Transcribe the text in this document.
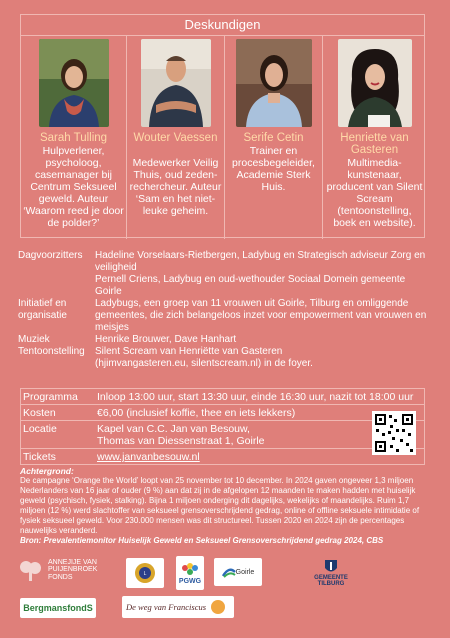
Deskundigen
Sarah Tulling
Hulpverlener, psycholoog, casemanager bij Centrum Seksueel geweld. Auteur ‘Waarom reed je door de polder?’
Wouter Vaessen
Medewerker Veilig Thuis, oud zeden-rechercheur. Auteur ‘Sam en het niet-leuke geheim.
Serife Cetin
Trainer en procesbegeleider, Academie Sterk Huis.
Henriette van Gasteren
Multimedia-kunstenaar, producent van Silent Scream (tentoonstelling, boek en website).
Dagvoorzitters	Hadeline Vorselaars-Rietbergen, Ladybug en Strategisch adviseur Zorg en veiligheid
Pernell Criens, Ladybug en oud-wethouder Sociaal Domein gemeente Goirle
Initiatief en organisatie
Ladybugs, een groep van 11 vrouwen uit Goirle, Tilburg en omliggende gemeentes, die zich belangeloos inzet voor empowerment van vrouwen en meisjes
Muziek	Henrike Brouwer, Dave Hanhart
Tentoonstelling	Silent Scream van Henriëtte van Gasteren
(hjimvangasteren.eu, silentscream.nl) in de foyer.
Programma Inloop 13:00 uur, start 13:30 uur, einde 16:30 uur, nazit tot 18:00 uur
Kosten	€6,00 (inclusief koffie, thee en iets lekkers)
Locatie	Kapel van C.C. Jan van Besouw,
Thomas van Diessenstraat 1, Goirle
Tickets	www.janvanbesouw.nl
Achtergrond:
De campagne ‘Orange the World’ loopt van 25 november tot 10 december. In 2024 gaven ongeveer 1,3 miljoen Nederlanders van 16 jaar of ouder (9 %) aan dat zij in de afgelopen 12 maanden te maken hadden met huiselijk geweld (psychisch, fysiek, stalking). Bijna 1 miljoen onderging dit dagelijks, wekelijks of maandelijks. Ruim 1,7 miljoen (12 %) werd slachtoffer van seksueel grensoverschrijdend gedrag, online of offline seksuele intimidatie of fysiek seksueel geweld. Voor 230.000 mensen was dit structureel. Tussen 2020 en 2024 zijn de percentages nauwelijks veranderd.
Bron: Prevalentiemonitor Huiselijk Geweld en Seksueel Grensoverschrijdend gedrag 2024, CBS
ANNEJIJE VAN
PUIJENBROEK
FONDS	L
PGWG
Goirle
GEMEENTE TILBURG
BergmansfondS	De weg van Franciscus
